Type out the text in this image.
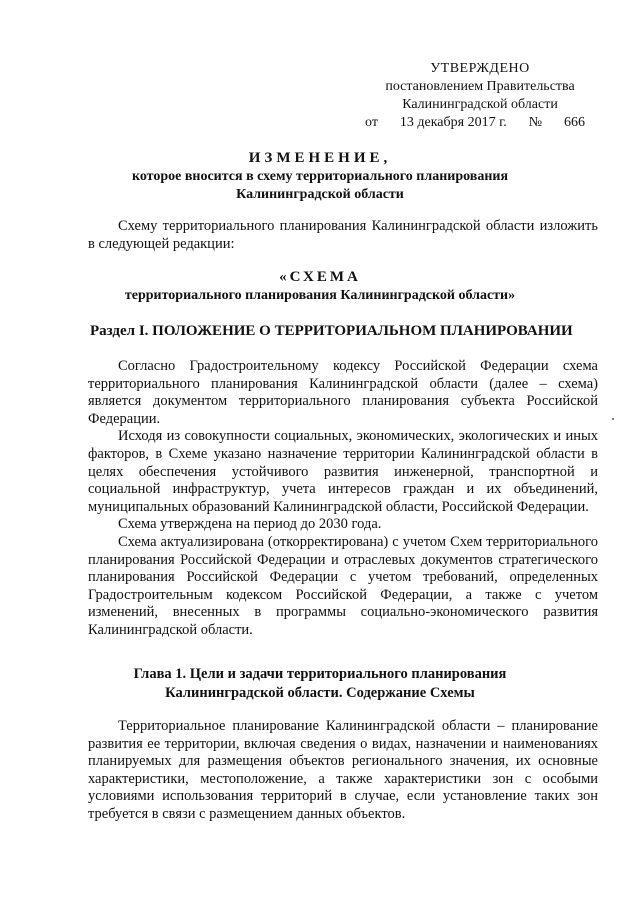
УТВЕРЖДЕНО
постановлением Правительства
Калининградской области
от 13 декабря 2017 г. № 666
ИЗМЕНЕНИЕ,
которое вносится в схему территориального планирования
Калининградской области
Схему территориального планирования Калининградской области изложить в следующей редакции:
«СХЕМА
территориального планирования Калининградской области»
Раздел I. ПОЛОЖЕНИЕ О ТЕРРИТОРИАЛЬНОМ ПЛАНИРОВАНИИ

Согласно Градостроительному кодексу Российской Федерации схема территориального планирования Калининградской области (далее – схема) является документом территориального планирования субъекта Российской Федерации.

Исходя из совокупности социальных, экономических, экологических и иных факторов, в Схеме указано назначение территории Калининградской области в целях обеспечения устойчивого развития инженерной, транспортной и социальной инфраструктур, учета интересов граждан и их объединений, муниципальных образований Калининградской области, Российской Федерации.

Схема утверждена на период до 2030 года.

Схема актуализирована (откорректирована) с учетом Схем территориального планирования Российской Федерации и отраслевых документов стратегического планирования Российской Федерации с учетом требований, определенных Градостроительным кодексом Российской Федерации, а также с учетом изменений, внесенных в программы социально-экономического развития Калининградской области.

Глава 1. Цели и задачи территориального планирования
Калининградской области. Содержание Схемы

Территориальное планирование Калининградской области – планирование развития ее территории, включая сведения о видах, назначении и наименованиях планируемых для размещения объектов регионального значения, их основные характеристики, местоположение, а также характеристики зон с особыми условиями использования территорий в случае, если установление таких зон требуется в связи с размещением данных объектов.
